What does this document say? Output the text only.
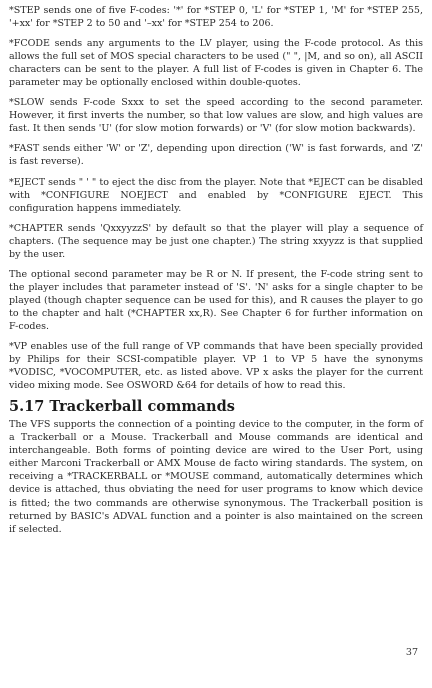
*STEP sends one of five F-codes: '*' for *STEP 0, 'L' for *STEP 1, 'M' for *STEP 255, '+xx' for *STEP 2 to 50 and '–xx' for *STEP 254 to 206.

*FCODE sends any arguments to the LV player, using the F-code protocol. As this allows the full set of MOS special characters to be used (" ", |M, and so on), all ASCII characters can be sent to the player. A full list of F-codes is given in Chapter 6. The parameter may be optionally enclosed within double-quotes.

*SLOW sends F-code Sxxx to set the speed according to the second parameter. However, it first inverts the number, so that low values are slow, and high values are fast. It then sends 'U' (for slow motion forwards) or 'V' (for slow motion backwards).

*FAST sends either 'W' or 'Z', depending upon direction ('W' is fast forwards, and 'Z' is fast reverse).

*EJECT sends " ' " to eject the disc from the player. Note that *EJECT can be disabled with *CONFIGURE NOEJECT and enabled by *CONFIGURE EJECT. This configuration happens immediately.

*CHAPTER sends 'QxxyyzzS' by default so that the player will play a sequence of chapters. (The sequence may be just one chapter.) The string xxyyzz is that supplied by the user.

The optional second parameter may be R or N. If present, the F-code string sent to the player includes that parameter instead of 'S'. 'N' asks for a single chapter to be played (though chapter sequence can be used for this), and R causes the player to go to the chapter and halt (*CHAPTER xx,R). See Chapter 6 for further information on F-codes.

*VP enables use of the full range of VP commands that have been specially provided by Philips for their SCSI-compatible player. VP 1 to VP 5 have the synonyms *VODISC, *VOCOMPUTER, etc. as listed above. VP x asks the player for the current video mixing mode. See OSWORD &64 for details of how to read this.

5.17 Trackerball commands

The VFS supports the connection of a pointing device to the computer, in the form of a Trackerball or a Mouse. Trackerball and Mouse commands are identical and interchangeable. Both forms of pointing device are wired to the User Port, using either Marconi Trackerball or AMX Mouse de facto wiring standards. The system, on receiving a *TRACKERBALL or *MOUSE command, automatically determines which device is attached, thus obviating the need for user programs to know which device is fitted; the two commands are otherwise synonymous. The Trackerball position is returned by BASIC's ADVAL function and a pointer is also maintained on the screen if selected.

37
